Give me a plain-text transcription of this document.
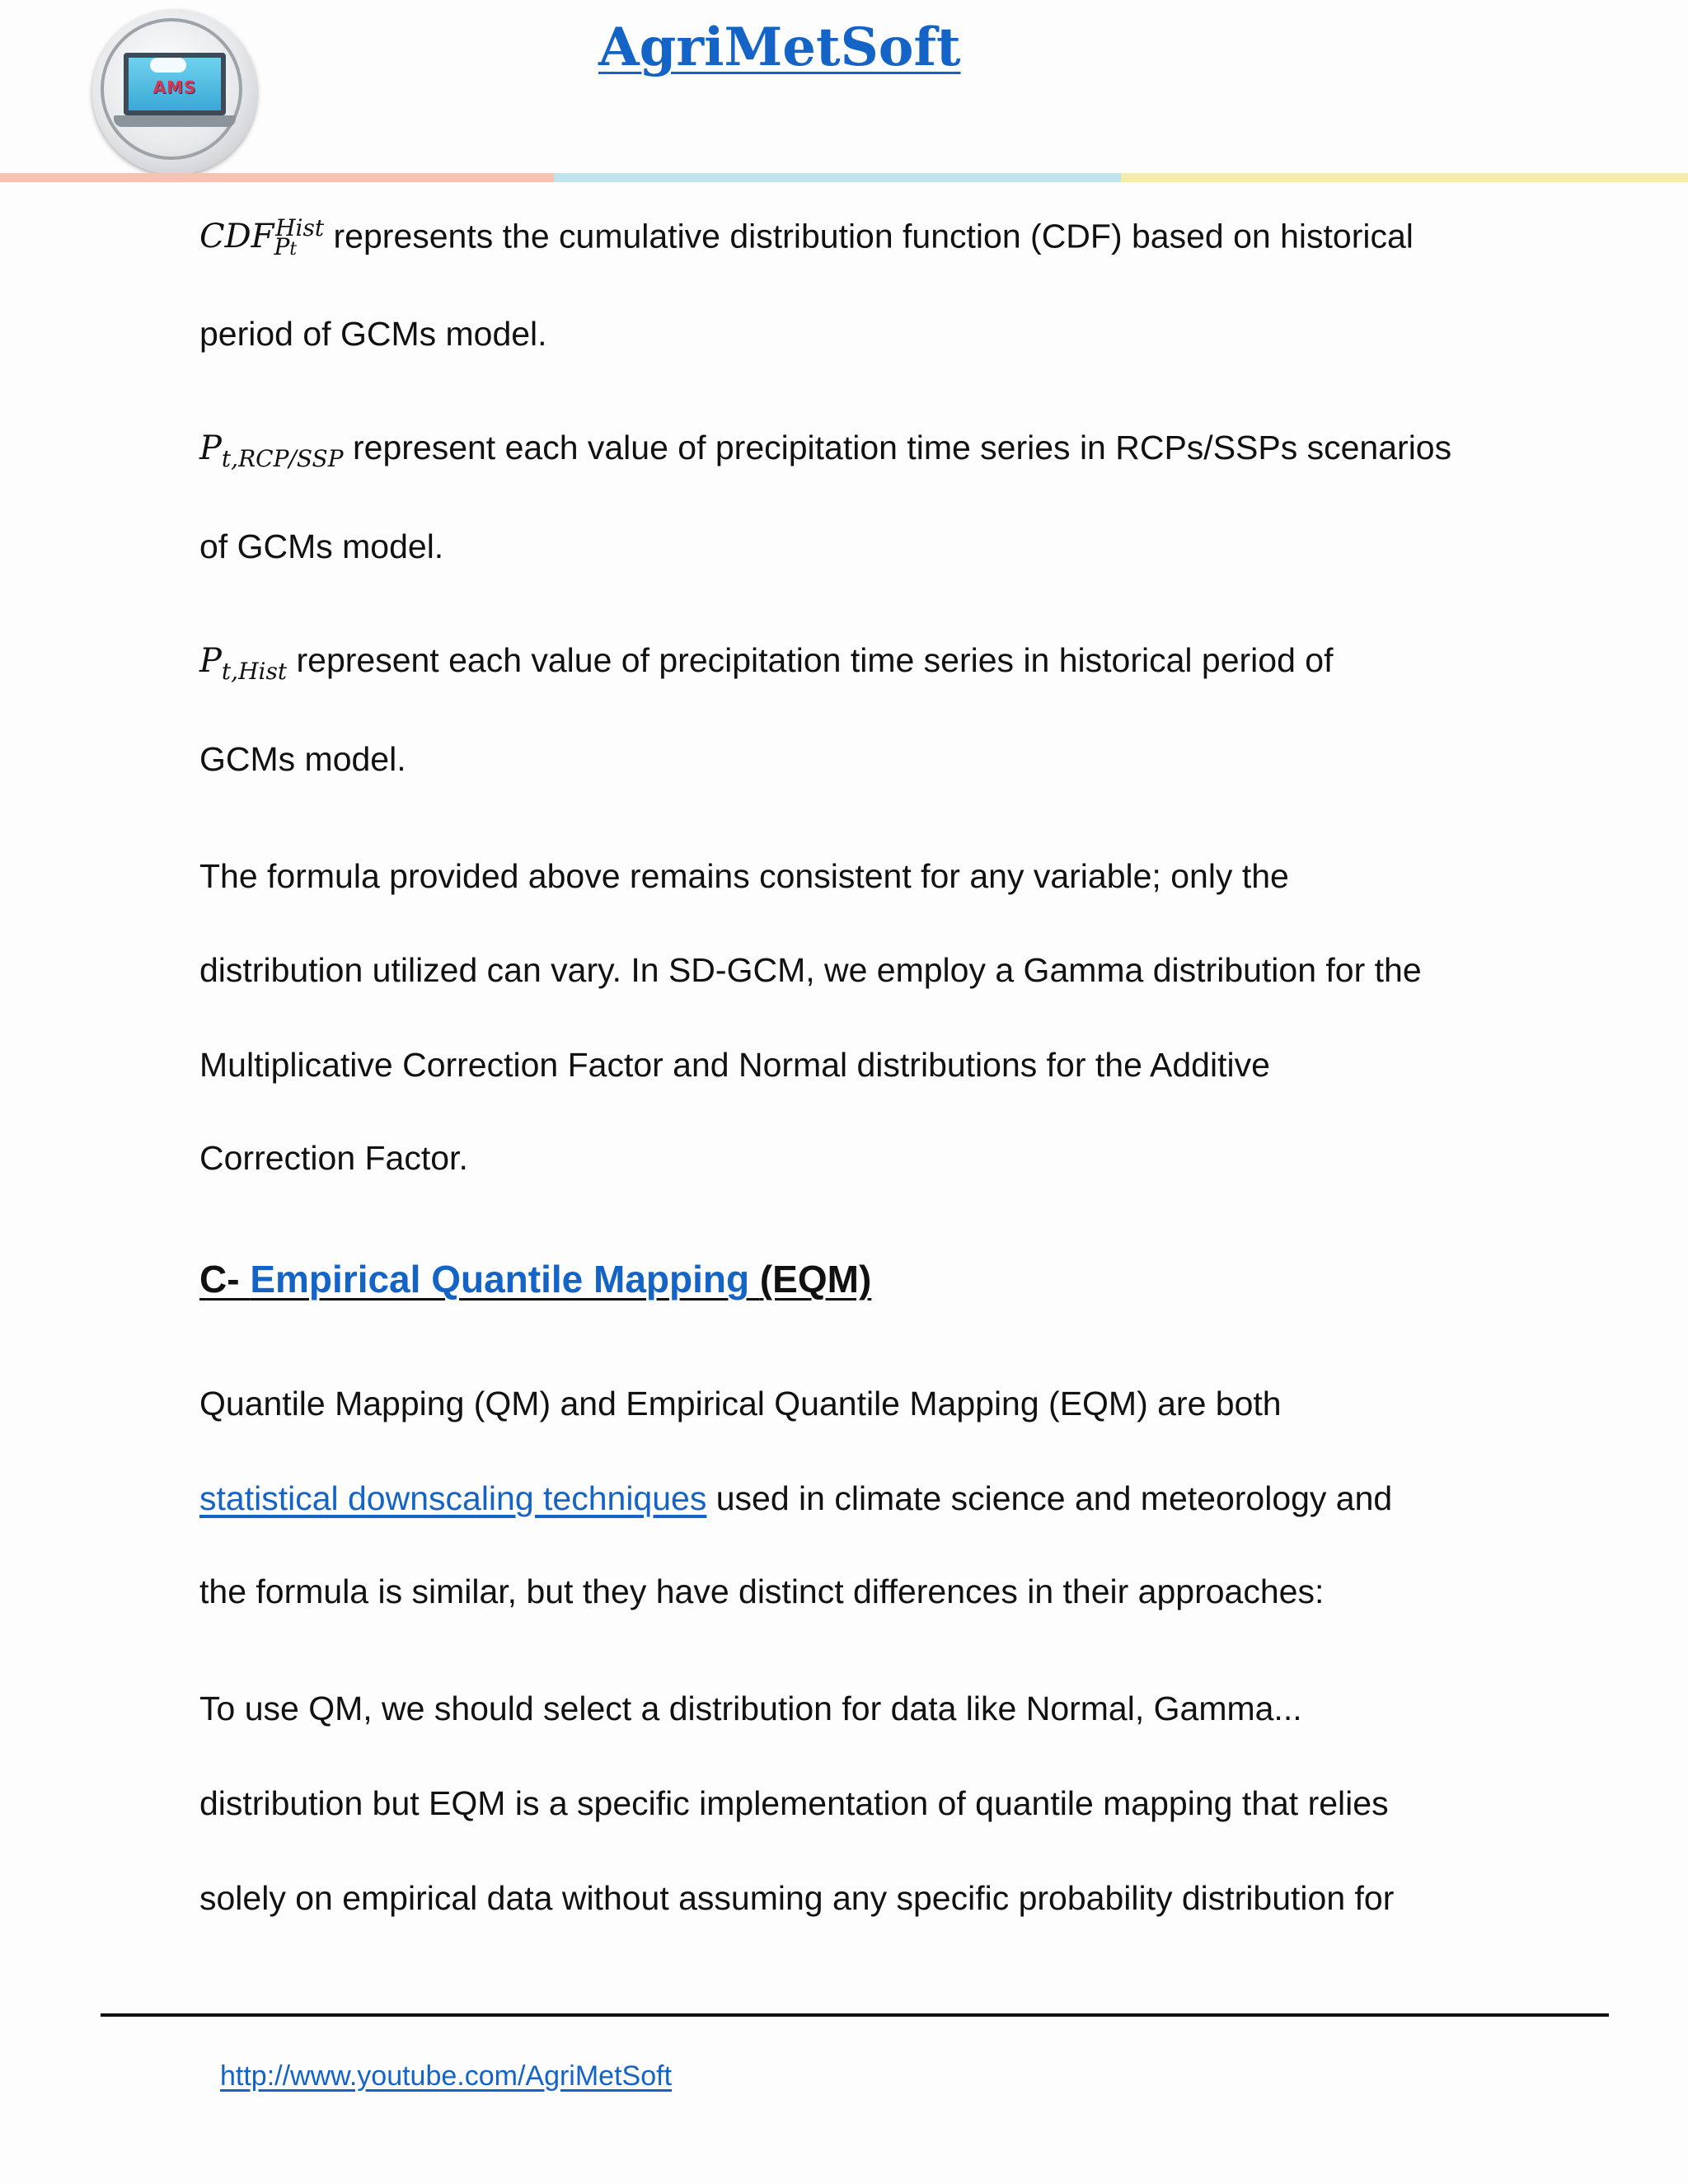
AMS
AgriMetSoft
$CDF_{Pt}^{Hist}$ represents the cumulative distribution function (CDF) based on historical
period of GCMs model.
$P_{t,RCP/SSP}$ represent each value of precipitation time series in RCPs/SSPs scenarios
of GCMs model.
$P_{t,Hist}$ represent each value of precipitation time series in historical period of
GCMs model.
The formula provided above remains consistent for any variable; only the
distribution utilized can vary. In SD-GCM, we employ a Gamma distribution for the
Multiplicative Correction Factor and Normal distributions for the Additive
Correction Factor.
C- Empirical Quantile Mapping (EQM)
Quantile Mapping (QM) and Empirical Quantile Mapping (EQM) are both
statistical downscaling techniques used in climate science and meteorology and
the formula is similar, but they have distinct differences in their approaches:
To use QM, we should select a distribution for data like Normal, Gamma...
distribution but EQM is a specific implementation of quantile mapping that relies
solely on empirical data without assuming any specific probability distribution for
http://www.youtube.com/AgriMetSoft
